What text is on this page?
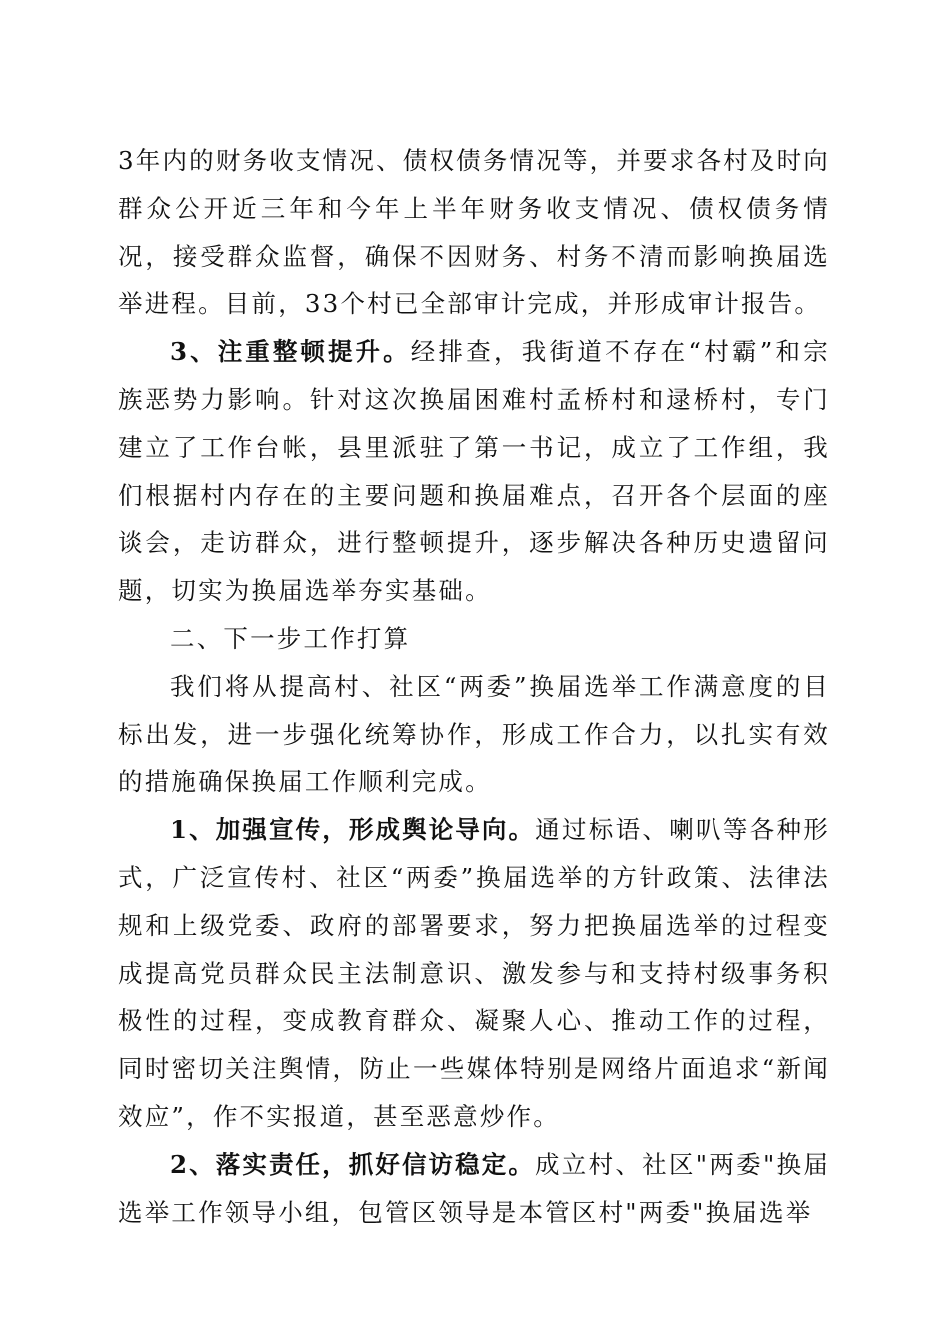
3年内的财务收支情况、债权债务情况等，并要求各村及时向群众公开近三年和今年上半年财务收支情况、债权债务情况，接受群众监督，确保不因财务、村务不清而影响换届选举进程。目前，33个村已全部审计完成，并形成审计报告。

3、注重整顿提升。经排查，我街道不存在“村霸”和宗族恶势力影响。针对这次换届困难村孟桥村和逯桥村，专门建立了工作台帐，县里派驻了第一书记，成立了工作组，我们根据村内存在的主要问题和换届难点，召开各个层面的座谈会，走访群众，进行整顿提升，逐步解决各种历史遗留问题，切实为换届选举夯实基础。

二、下一步工作打算

我们将从提高村、社区“两委”换届选举工作满意度的目标出发，进一步强化统筹协作，形成工作合力，以扎实有效的措施确保换届工作顺利完成。

1、加强宣传，形成舆论导向。通过标语、喇叭等各种形式，广泛宣传村、社区“两委”换届选举的方针政策、法律法规和上级党委、政府的部署要求，努力把换届选举的过程变成提高党员群众民主法制意识、激发参与和支持村级事务积极性的过程，变成教育群众、凝聚人心、推动工作的过程，同时密切关注舆情，防止一些媒体特别是网络片面追求“新闻效应”，作不实报道，甚至恶意炒作。

2、落实责任，抓好信访稳定。成立村、社区"两委"换届选举工作领导小组，包管区领导是本管区村"两委"换届选举
